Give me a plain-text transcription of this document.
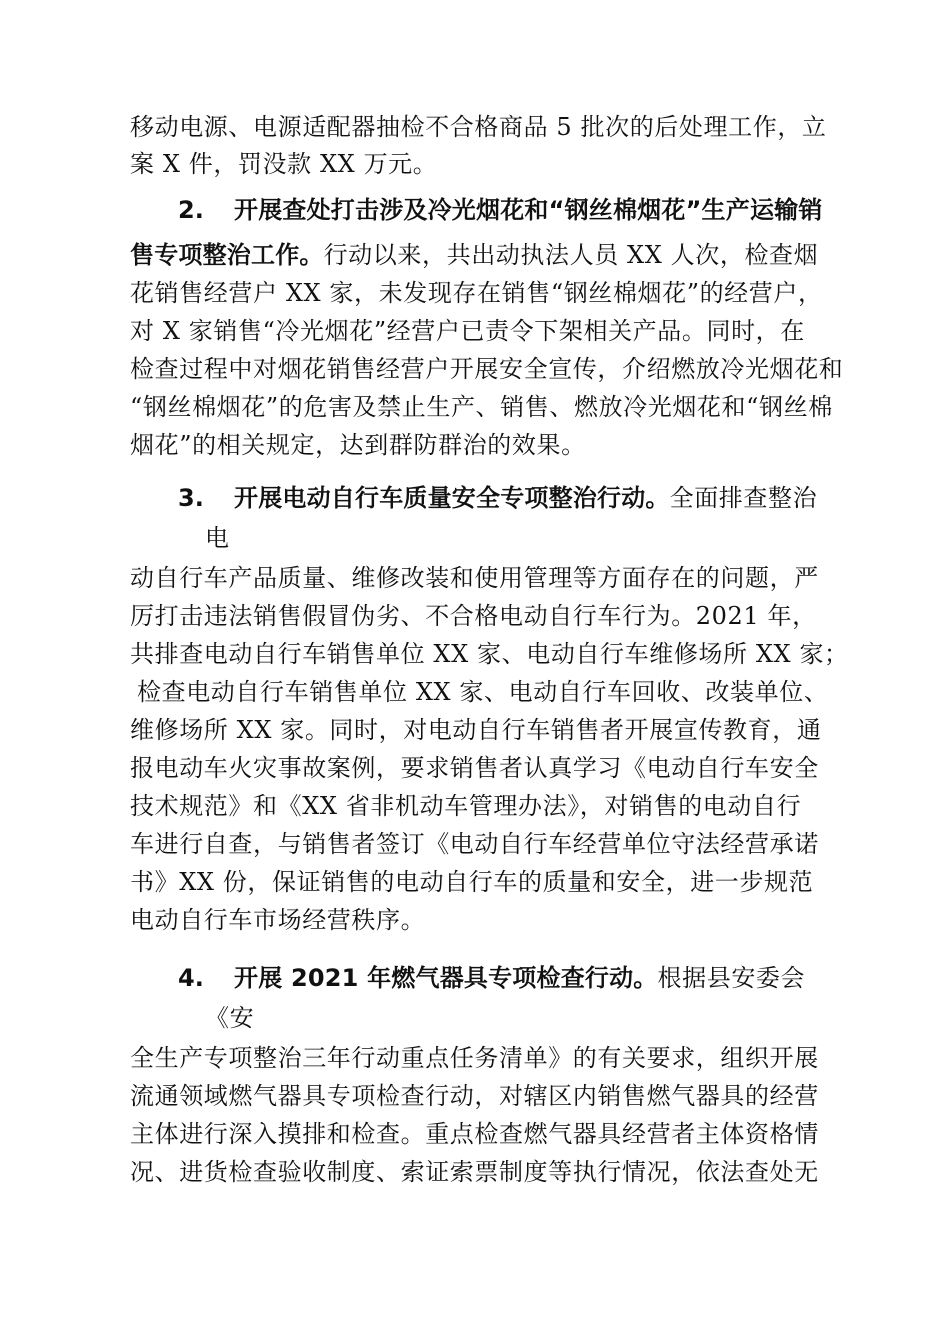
移动电源、电源适配器抽检不合格商品 5 批次的后处理工作，立
案 X 件，罚没款 XX 万元。
2. 开展查处打击涉及冷光烟花和“钢丝棉烟花”生产运输销
售专项整治工作。行动以来，共出动执法人员 XX 人次，检查烟
花销售经营户 XX 家，未发现存在销售“钢丝棉烟花”的经营户，
对 X 家销售“冷光烟花”经营户已责令下架相关产品。同时，在
检查过程中对烟花销售经营户开展安全宣传，介绍燃放冷光烟花和
“钢丝棉烟花”的危害及禁止生产、销售、燃放冷光烟花和“钢丝棉
烟花”的相关规定，达到群防群治的效果。
3. 开展电动自行车质量安全专项整治行动。全面排查整治
电
动自行车产品质量、维修改装和使用管理等方面存在的问题，严
厉打击违法销售假冒伪劣、不合格电动自行车行为。2021 年，
共排查电动自行车销售单位 XX 家、电动自行车维修场所 XX 家；
检查电动自行车销售单位 XX 家、电动自行车回收、改装单位、
维修场所 XX 家。同时，对电动自行车销售者开展宣传教育，通
报电动车火灾事故案例，要求销售者认真学习《电动自行车安全
技术规范》和《XX 省非机动车管理办法》，对销售的电动自行
车进行自查，与销售者签订《电动自行车经营单位守法经营承诺
书》XX 份，保证销售的电动自行车的质量和安全，进一步规范
电动自行车市场经营秩序。
4. 开展 2021 年燃气器具专项检查行动。根据县安委会
《安
全生产专项整治三年行动重点任务清单》的有关要求，组织开展
流通领域燃气器具专项检查行动，对辖区内销售燃气器具的经营
主体进行深入摸排和检查。重点检查燃气器具经营者主体资格情
况、进货检查验收制度、索证索票制度等执行情况，依法查处无
